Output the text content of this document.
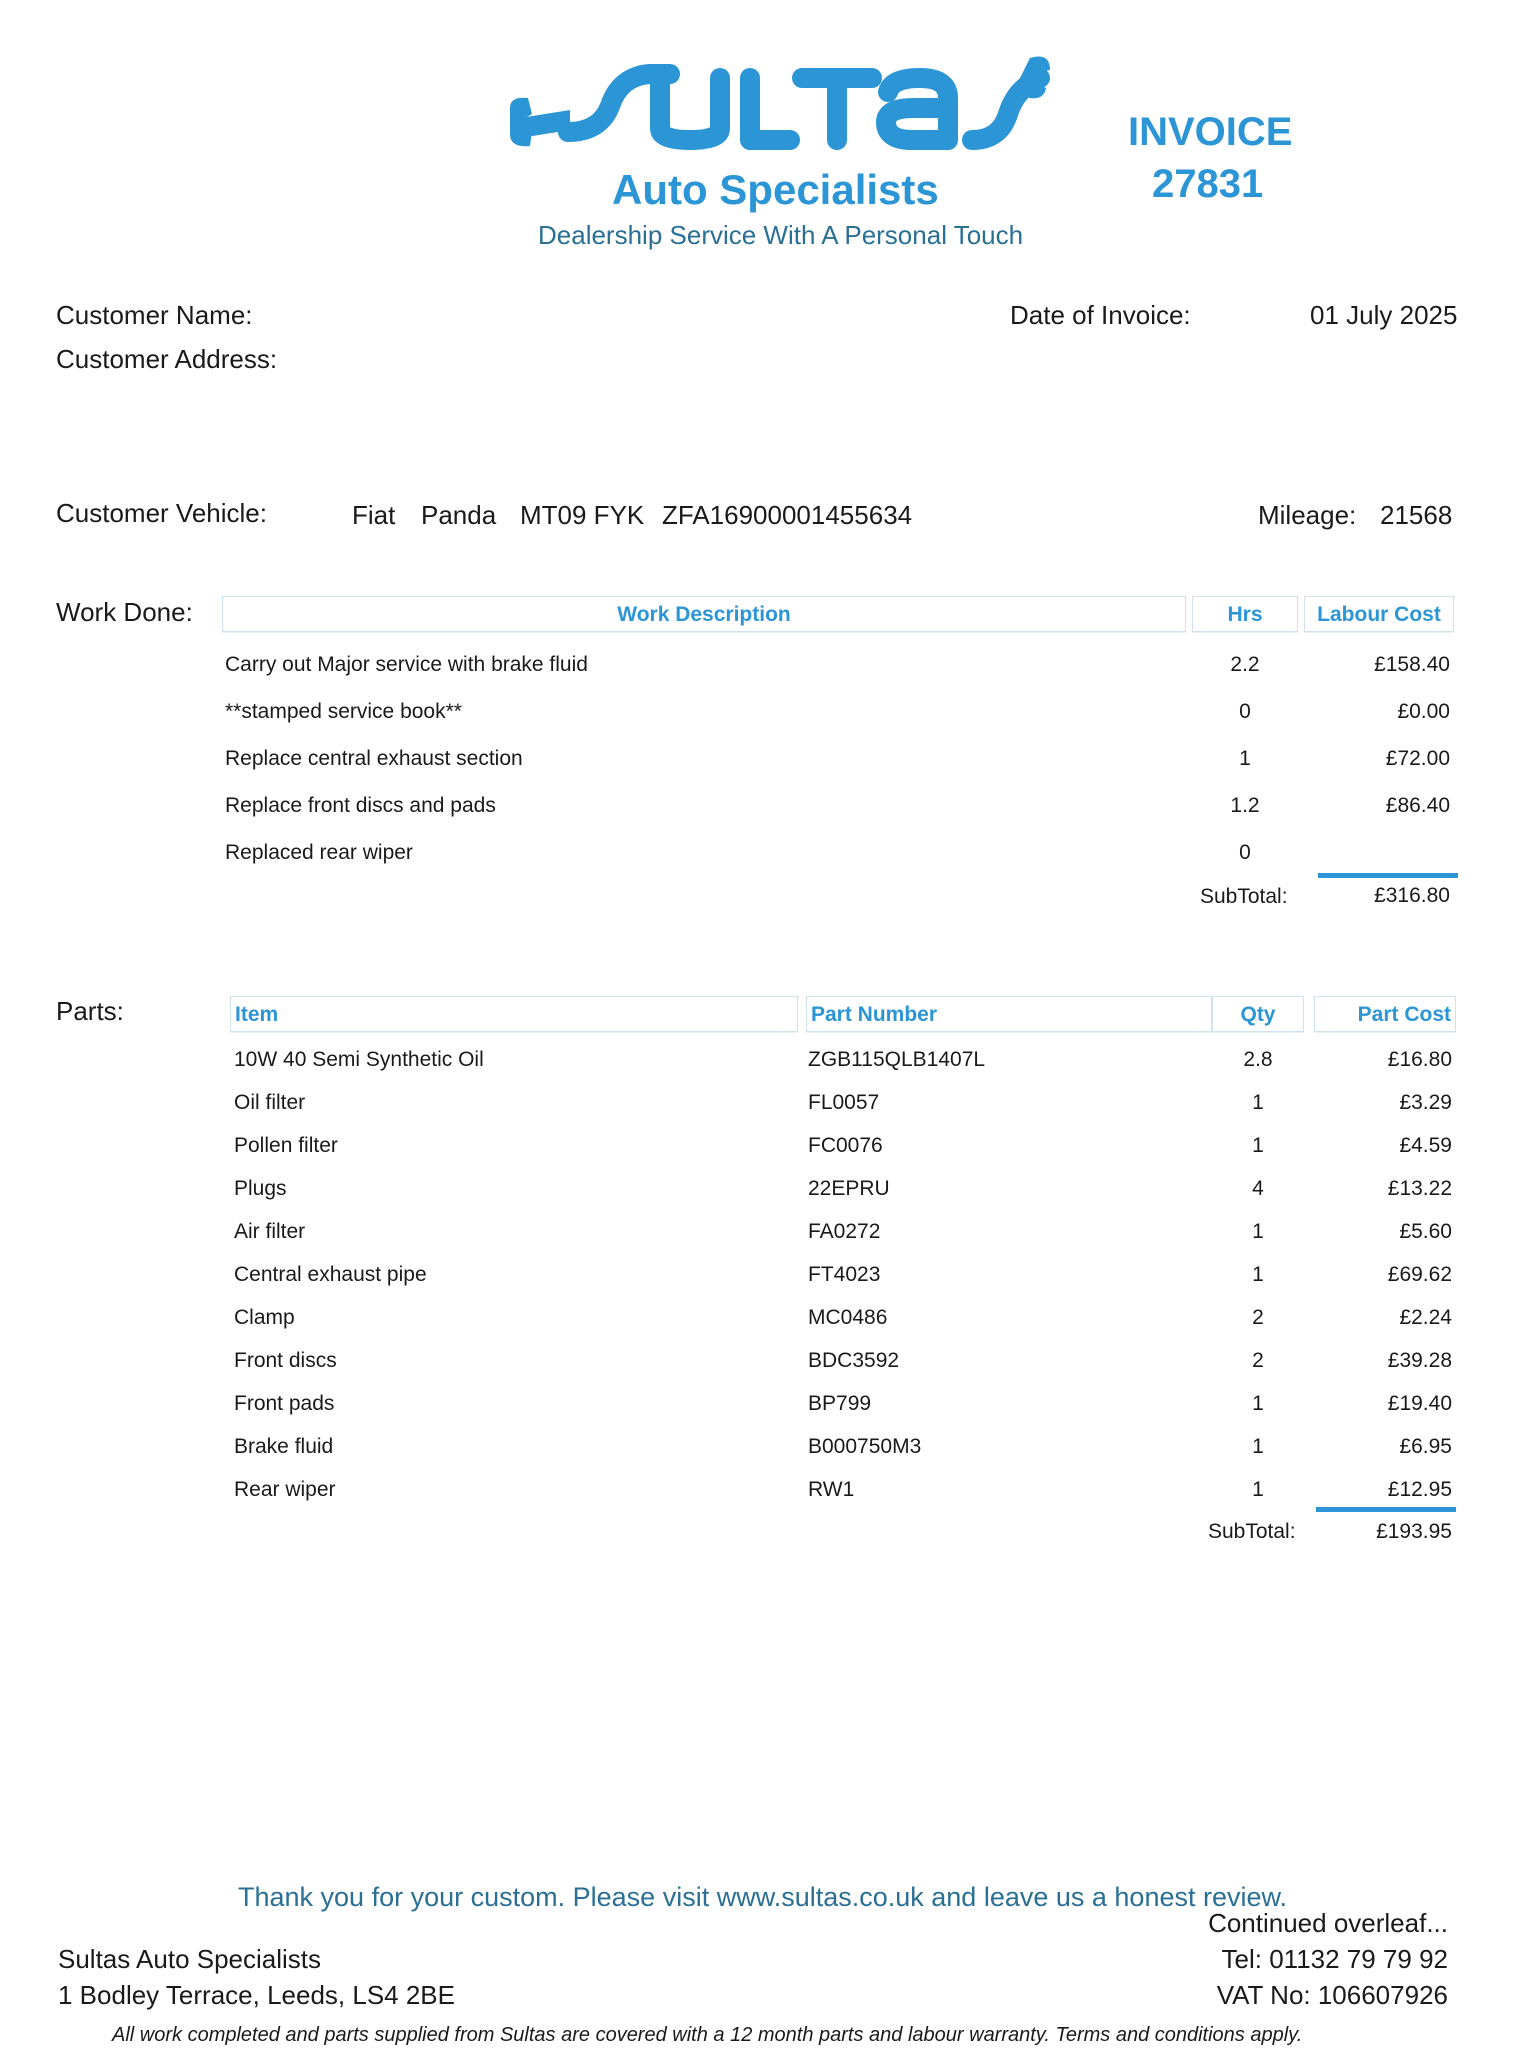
Auto Specialists
Dealership Service With A Personal Touch
INVOICE
27831
Customer Name:
Customer Address:
Date of Invoice:	01 July 2025
Customer Vehicle:	Fiat Panda MT09 FYK ZFA16900001455634	Mileage: 21568
Work Done:	Work Description	Hrs	Labour Cost
Carry out Major service with brake fluid	2.2	£158.40
**stamped service book**	0	£0.00
Replace central exhaust section	1	£72.00
Replace front discs and pads	1.2	£86.40
Replaced rear wiper	0
SubTotal:	£316.80
Parts:	Item	Part Number	Qty	Part Cost
10W 40 Semi Synthetic Oil	ZGB115QLB1407L	2.8	£16.80
Oil filter	FL0057	1	£3.29
Pollen filter	FC0076	1	£4.59
Plugs	22EPRU	4	£13.22
Air filter	FA0272	1	£5.60
Central exhaust pipe	FT4023	1	£69.62
Clamp	MC0486	2	£2.24
Front discs	BDC3592	2	£39.28
Front pads	BP799	1	£19.40
Brake fluid	B000750M3	1	£6.95
Rear wiper	RW1	1	£12.95
SubTotal:	£193.95
Thank you for your custom. Please visit www.sultas.co.uk and leave us a honest review.
Continued overleaf...
Sultas Auto Specialists
1 Bodley Terrace, Leeds, LS4 2BE
Tel: 01132 79 79 92
VAT No: 106607926
All work completed and parts supplied from Sultas are covered with a 12 month parts and labour warranty. Terms and conditions apply.
